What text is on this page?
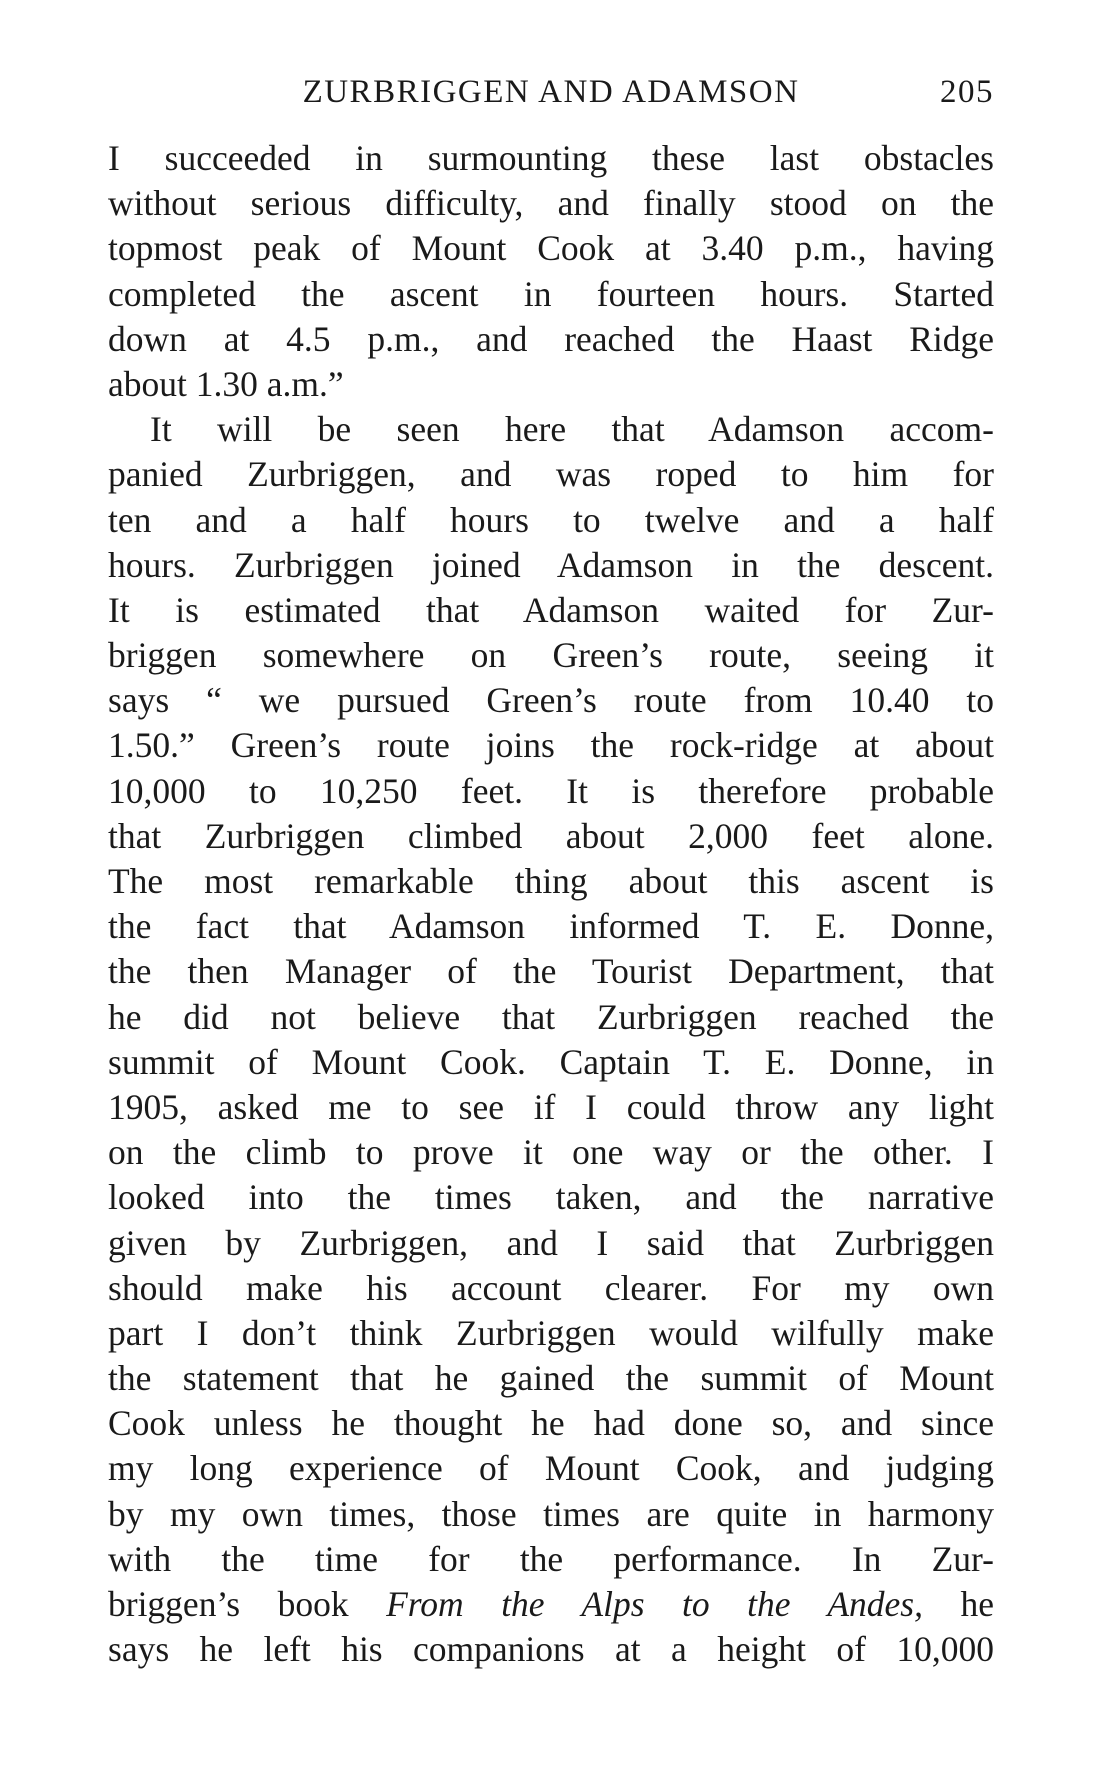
ZURBRIGGEN AND ADAMSON	205
I succeeded in surmounting these last obstacles
without serious difficulty, and finally stood on the
topmost peak of Mount Cook at 3.40 p.m., having
completed the ascent in fourteen hours. Started
down at 4.5 p.m., and reached the Haast Ridge
about 1.30 a.m.”
It will be seen here that Adamson accom-
panied Zurbriggen, and was roped to him for
ten and a half hours to twelve and a half
hours. Zurbriggen joined Adamson in the descent.
It is estimated that Adamson waited for Zur-
briggen somewhere on Green’s route, seeing it
says “ we pursued Green’s route from 10.40 to
1.50.” Green’s route joins the rock-ridge at about
10,000 to 10,250 feet. It is therefore probable
that Zurbriggen climbed about 2,000 feet alone.
The most remarkable thing about this ascent is
the fact that Adamson informed T. E. Donne,
the then Manager of the Tourist Department, that
he did not believe that Zurbriggen reached the
summit of Mount Cook. Captain T. E. Donne, in
1905, asked me to see if I could throw any light
on the climb to prove it one way or the other. I
looked into the times taken, and the narrative
given by Zurbriggen, and I said that Zurbriggen
should make his account clearer. For my own
part I don’t think Zurbriggen would wilfully make
the statement that he gained the summit of Mount
Cook unless he thought he had done so, and since
my long experience of Mount Cook, and judging
by my own times, those times are quite in harmony
with the time for the performance. In Zur-
briggen’s book From the Alps to the Andes, he
says he left his companions at a height of 10,000
